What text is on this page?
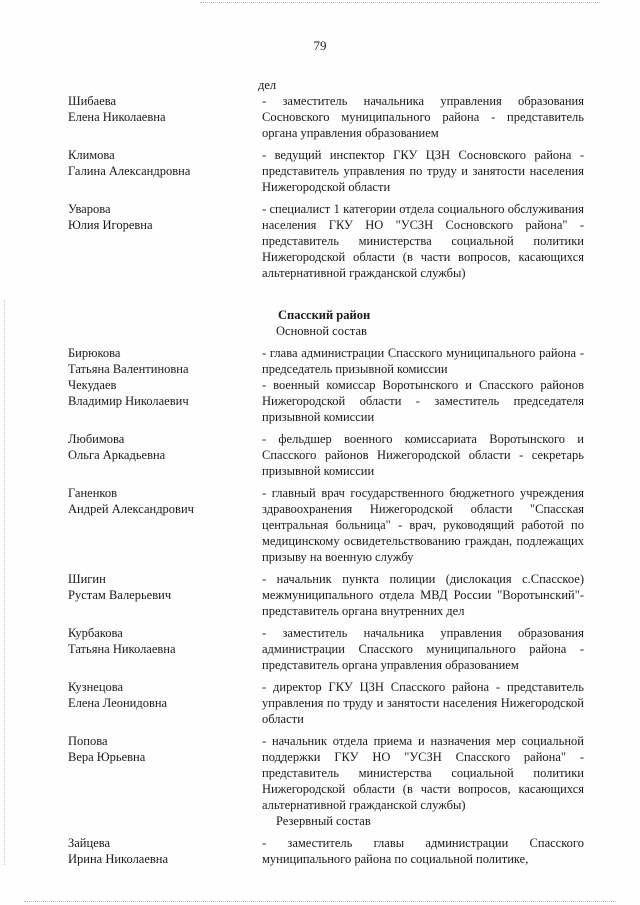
79
дел
Шибаева
Елена Николаевна
- заместитель начальника управления образования Сосновского муниципального района - представитель органа управления образованием
Климова
Галина Александровна
- ведущий инспектор ГКУ ЦЗН Сосновского района - представитель управления по труду и занятости населения Нижегородской области
Уварова
Юлия Игоревна
- специалист 1 категории отдела социального обслуживания населения ГКУ НО "УСЗН Сосновского района" - представитель министерства социальной политики Нижегородской области (в части вопросов, касающихся альтернативной гражданской службы)
Спасский район
Основной состав
Бирюкова
Татьяна Валентиновна
- глава администрации Спасского муниципального района - председатель призывной комиссии
Чекудаев
Владимир Николаевич
- военный комиссар Воротынского и Спасского районов Нижегородской области - заместитель председателя призывной комиссии
Любимова
Ольга Аркадьевна
- фельдшер военного комиссариата Воротынского и Спасского районов Нижегородской области - секретарь призывной комиссии
Ганенков
Андрей Александрович
- главный врач государственного бюджетного учреждения здравоохранения Нижегородской области "Спасская центральная больница" - врач, руководящий работой по медицинскому освидетельствованию граждан, подлежащих призыву на военную службу
Шигин
Рустам Валерьевич
- начальник пункта полиции (дислокация с.Спасское) межмуниципального отдела МВД России "Воротынский"- представитель органа внутренних дел
Курбакова
Татьяна Николаевна
- заместитель начальника управления образования администрации Спасского муниципального района - представитель органа управления образованием
Кузнецова
Елена Леонидовна
- директор ГКУ ЦЗН Спасского района - представитель управления по труду и занятости населения Нижегородской области
Попова
Вера Юрьевна
- начальник отдела приема и назначения мер социальной поддержки ГКУ НО "УСЗН Спасского района" - представитель министерства социальной политики Нижегородской области (в части вопросов, касающихся альтернативной гражданской службы)
Резервный состав
Зайцева
Ирина Николаевна
- заместитель главы администрации Спасского муниципального района по социальной политике,
